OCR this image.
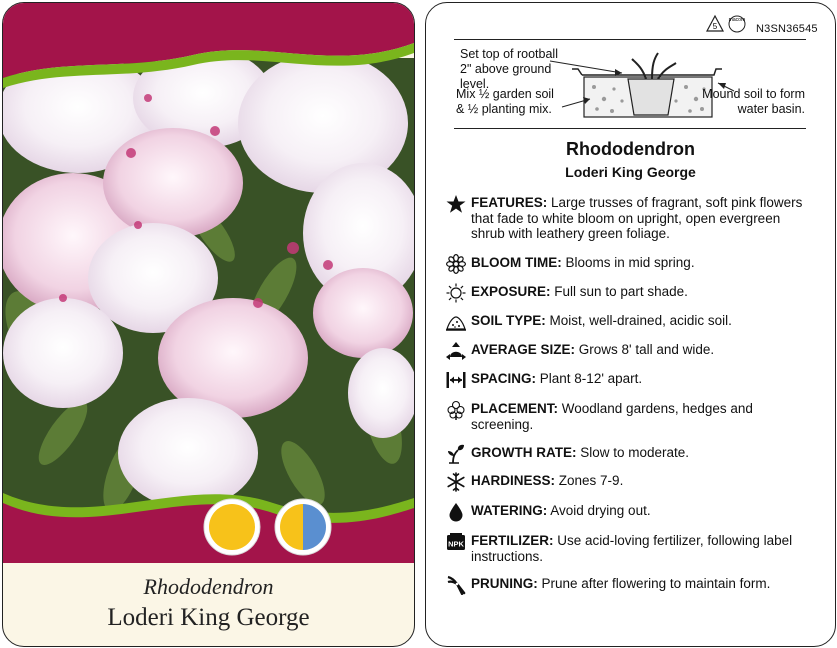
Rhododendron
Loderi King George
5
macore
N3SN36545
Set top of rootball 2" above ground level.
Mix ½ garden soil & ½ planting mix.
Mound soil to form water basin.
Rhododendron
Loderi King George
FEATURES: Large trusses of fragrant, soft pink flowers that fade to white bloom on upright, open evergreen shrub with leathery green foliage.
BLOOM TIME: Blooms in mid spring.
EXPOSURE: Full sun to part shade.
SOIL TYPE: Moist, well-drained, acidic soil.
AVERAGE SIZE: Grows 8' tall and wide.
SPACING: Plant 8-12' apart.
PLACEMENT: Woodland gardens, hedges and screening.
GROWTH RATE: Slow to moderate.
HARDINESS: Zones 7-9.
WATERING: Avoid drying out.
NPK FERTILIZER: Use acid-loving fertilizer, following label instructions.
PRUNING: Prune after flowering to maintain form.
